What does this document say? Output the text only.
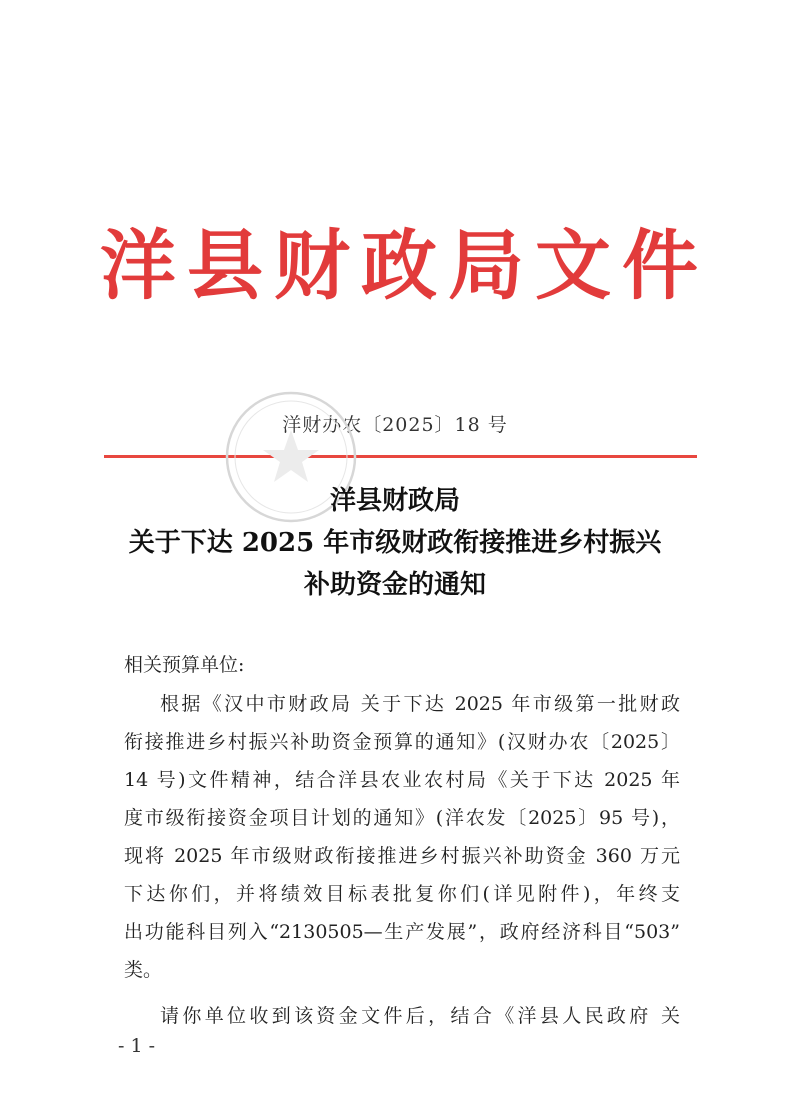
洋县财政局文件
洋财办农〔2025〕18 号
洋县财政局
关于下达 2025 年市级财政衔接推进乡村振兴
补助资金的通知
相关预算单位:
根据《汉中市财政局 关于下达 2025 年市级第一批财政
衔接推进乡村振兴补助资金预算的通知》(汉财办农〔2025〕
14 号)文件精神，结合洋县农业农村局《关于下达 2025 年
度市级衔接资金项目计划的通知》(洋农发〔2025〕95 号)，
现将 2025 年市级财政衔接推进乡村振兴补助资金 360 万元
下达你们，并将绩效目标表批复你们(详见附件)，年终支
出功能科目列入“2130505—生产发展”，政府经济科目“503”
类。
请你单位收到该资金文件后，结合《洋县人民政府 关
- 1 -
